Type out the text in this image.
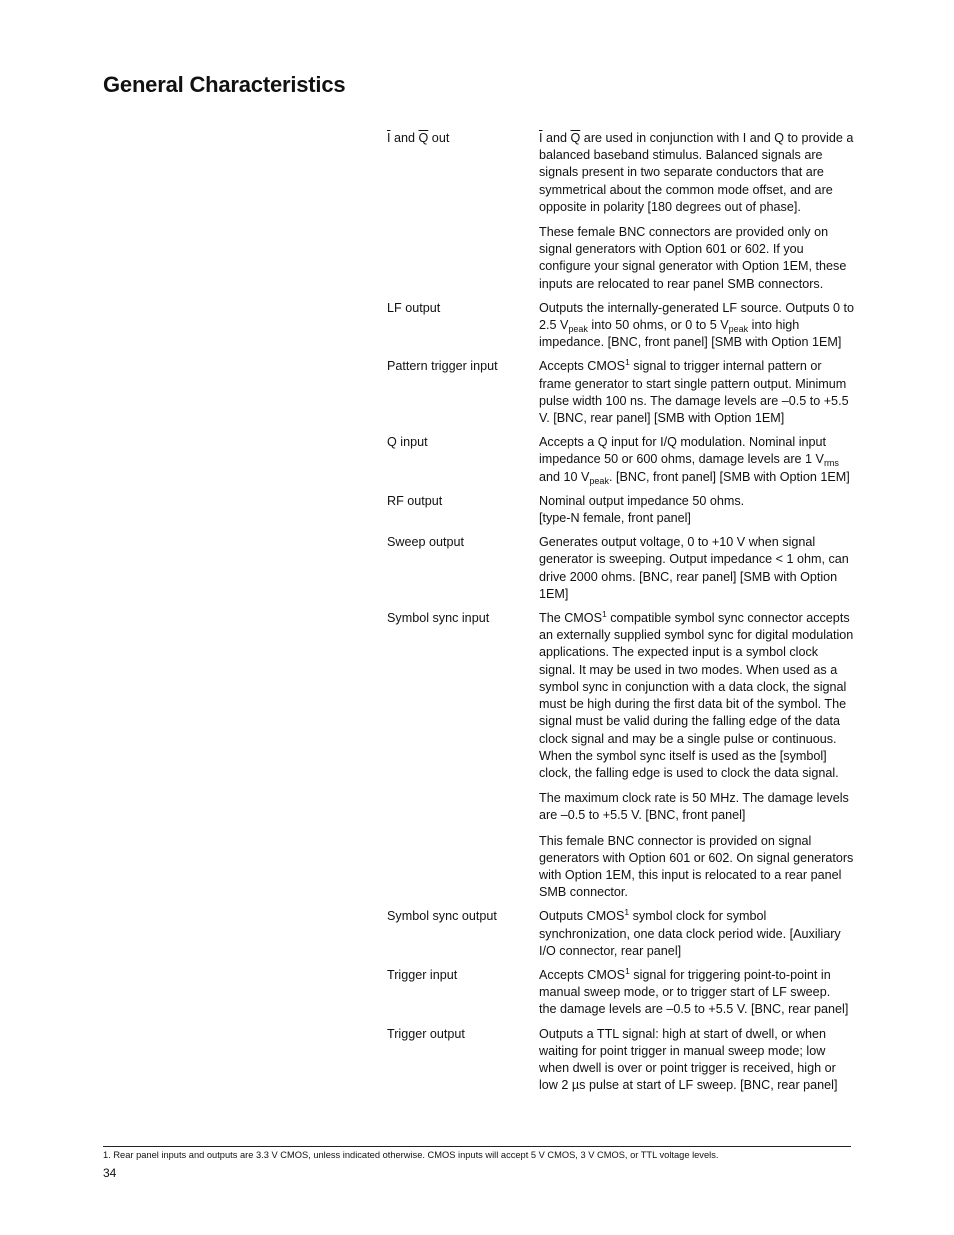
General Characteristics
$\overline{I}$ and $\overline{Q}$ out	$\overline{I}$ and $\overline{Q}$ are used in conjunction with I and Q to provide a balanced baseband stimulus. Balanced signals are signals present in two separate conductors that are symmetrical about the common mode offset, and are opposite in polarity [180 degrees out of phase].

These female BNC connectors are provided only on signal generators with Option 601 or 602. If you configure your signal generator with Option 1EM, these inputs are relocated to rear panel SMB connectors.

LF output	Outputs the internally-generated LF source. Outputs 0 to 2.5 $V_{peak}$ into 50 ohms, or 0 to 5 $V_{peak}$ into high impedance. [BNC, front panel] [SMB with Option 1EM]

Pattern trigger input	Accepts CMOS$^1$ signal to trigger internal pattern or frame generator to start single pattern output. Minimum pulse width 100 ns. The damage levels are –0.5 to +5.5 V. [BNC, rear panel] [SMB with Option 1EM]

Q input	Accepts a Q input for I/Q modulation. Nominal input impedance 50 or 600 ohms, damage levels are 1 $V_{rms}$ and 10 $V_{peak}$. [BNC, front panel] [SMB with Option 1EM]

RF output	Nominal output impedance 50 ohms.
[type-N female, front panel]

Sweep output	Generates output voltage, 0 to +10 V when signal generator is sweeping. Output impedance < 1 ohm, can drive 2000 ohms. [BNC, rear panel] [SMB with Option 1EM]

Symbol sync input	The CMOS$^1$ compatible symbol sync connector accepts an externally supplied symbol sync for digital modulation applications. The expected input is a symbol clock signal. It may be used in two modes. When used as a symbol sync in conjunction with a data clock, the signal must be high during the first data bit of the symbol. The signal must be valid during the falling edge of the data clock signal and may be a single pulse or continuous. When the symbol sync itself is used as the [symbol] clock, the falling edge is used to clock the data signal.

The maximum clock rate is 50 MHz. The damage levels are –0.5 to +5.5 V. [BNC, front panel]

This female BNC connector is provided on signal generators with Option 601 or 602. On signal generators with Option 1EM, this input is relocated to a rear panel SMB connector.

Symbol sync output	Outputs CMOS$^1$ symbol clock for symbol synchronization, one data clock period wide. [Auxiliary I/O connector, rear panel]

Trigger input	Accepts CMOS$^1$ signal for triggering point-to-point in manual sweep mode, or to trigger start of LF sweep.
the damage levels are –0.5 to +5.5 V. [BNC, rear panel]

Trigger output	Outputs a TTL signal: high at start of dwell, or when waiting for point trigger in manual sweep mode; low when dwell is over or point trigger is received, high or low 2 µs pulse at start of LF sweep. [BNC, rear panel]

1. Rear panel inputs and outputs are 3.3 V CMOS, unless indicated otherwise. CMOS inputs will accept 5 V CMOS, 3 V CMOS, or TTL voltage levels.
34
